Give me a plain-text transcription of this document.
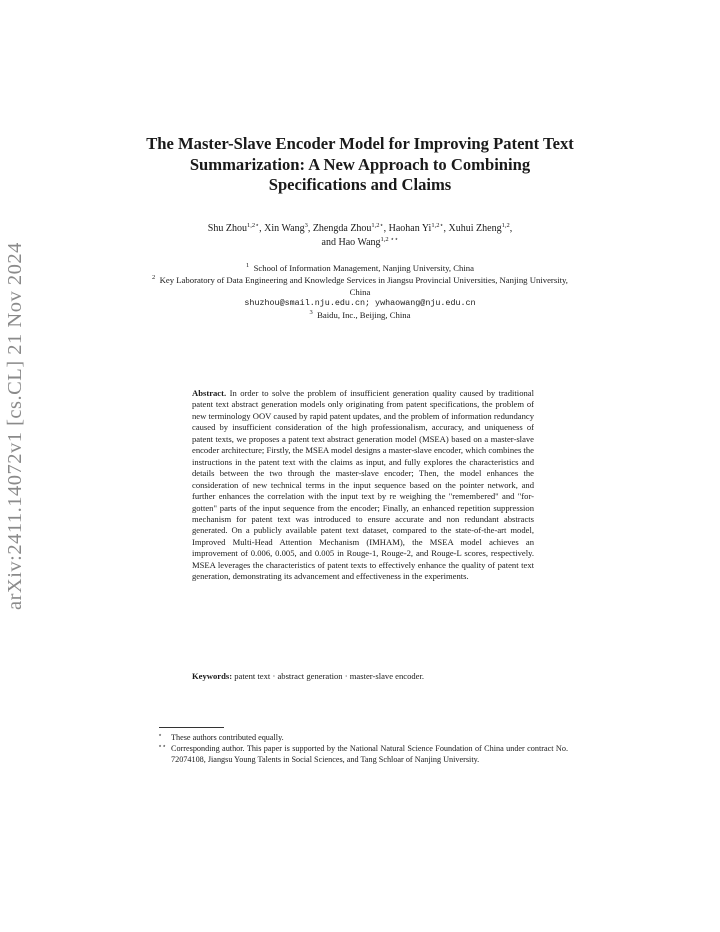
arXiv:2411.14072v1 [cs.CL] 21 Nov 2024
The Master-Slave Encoder Model for Improving Patent Text Summarization: A New Approach to Combining Specifications and Claims
Shu Zhou$^{1,2⋆}$, Xin Wang$^3$, Zhengda Zhou$^{1,2⋆}$, Haohan $Yi^{1,2⋆}$, Xuhui Zheng$^{1,2}$,
and Hao Wang$^{1,2 ⋆⋆}$
$^1$ School of Information Management, Nanjing University, China
$^2$ Key Laboratory of Data Engineering and Knowledge Services in Jiangsu Provincial Universities, Nanjing University, China
shuzhou@smail.nju.edu.cn; ywhaowang@nju.edu.cn
$^3$ Baidu, Inc., Beijing, China
Abstract. In order to solve the problem of insufficient generation quality caused by traditional patent text abstract generation models only originating from patent specifications, the problem of new terminology OOV caused by rapid patent updates, and the problem of information redundancy caused by insufficient consideration of the high professionalism, accuracy, and uniqueness of patent texts, we proposes a patent text abstract generation model (MSEA) based on a master-slave encoder architecture; Firstly, the MSEA model designs a master-slave encoder, which combines the instructions in the patent text with the claims as input, and fully explores the characteristics and details between the two through the master-slave encoder; Then, the model enhances the consideration of new technical terms in the input sequence based on the pointer network, and further enhances the correlation with the input text by re weighing the "remembered" and "for-gotten" parts of the input sequence from the encoder; Finally, an enhanced repetition suppression mechanism for patent text was introduced to ensure accurate and non redundant abstracts generated. On a publicly available patent text dataset, compared to the state-of-the-art model, Improved Multi-Head Attention Mechanism (IMHAM), the MSEA model achieves an improvement of 0.006, 0.005, and 0.005 in Rouge-1, Rouge-2, and Rouge-L scores, respectively. MSEA leverages the characteristics of patent texts to effectively enhance the quality of patent text generation, demonstrating its advancement and effectiveness in the experiments.
Keywords: patent text · abstract generation · master-slave encoder.
⋆ These authors contributed equally.
⋆⋆ Corresponding author. This paper is supported by the National Natural Science Foundation of China under contract No. 72074108, Jiangsu Young Talents in Social Sciences, and Tang Schloar of Nanjing University.
